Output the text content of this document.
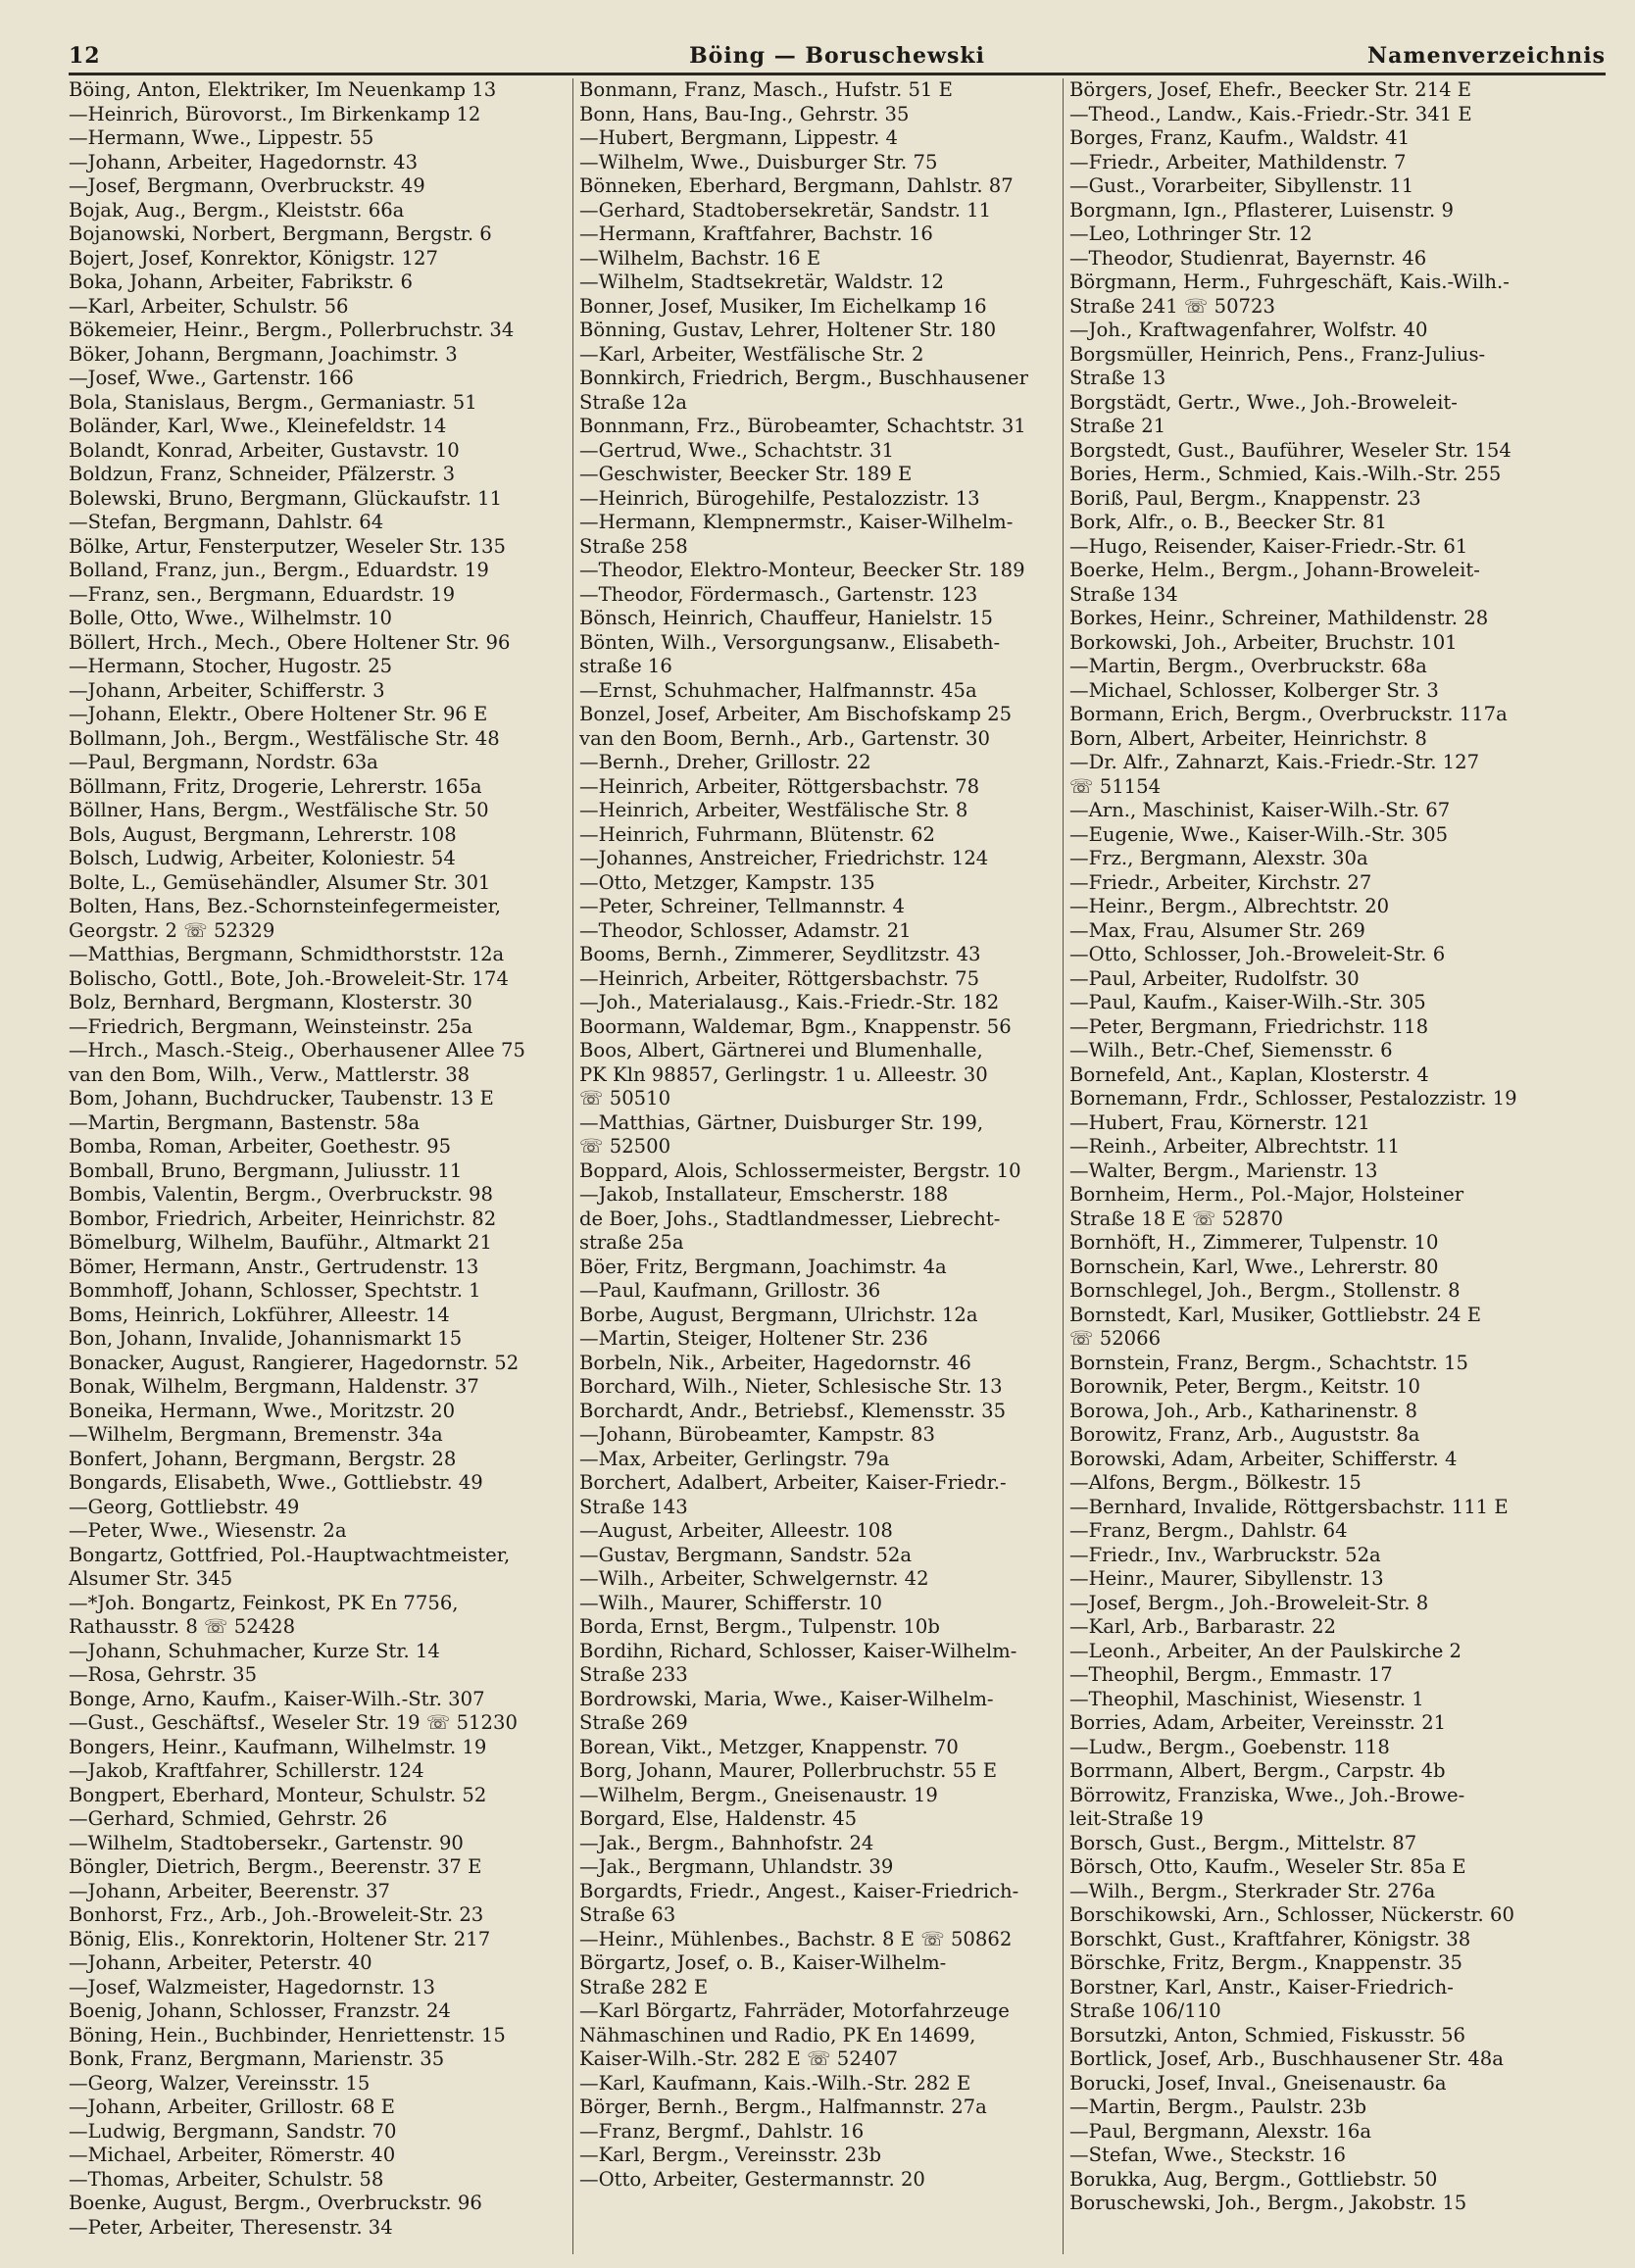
12	Böing — Boruschewski	Namenverzeichnis
Böing, Anton, Elektriker, Im Neuenkamp 13
—Heinrich, Bürovorst., Im Birkenkamp 12
—Hermann, Wwe., Lippestr. 55
—Johann, Arbeiter, Hagedornstr. 43
—Josef, Bergmann, Overbruckstr. 49
Bojak, Aug., Bergm., Kleiststr. 66a
Bojanowski, Norbert, Bergmann, Bergstr. 6
Bojert, Josef, Konrektor, Königstr. 127
Boka, Johann, Arbeiter, Fabrikstr. 6
—Karl, Arbeiter, Schulstr. 56
Bökemeier, Heinr., Bergm., Pollerbruchstr. 34
Böker, Johann, Bergmann, Joachimstr. 3
—Josef, Wwe., Gartenstr. 166
Bola, Stanislaus, Bergm., Germaniastr. 51
Boländer, Karl, Wwe., Kleinefeldstr. 14
Bolandt, Konrad, Arbeiter, Gustavstr. 10
Boldzun, Franz, Schneider, Pfälzerstr. 3
Bolewski, Bruno, Bergmann, Glückaufstr. 11
—Stefan, Bergmann, Dahlstr. 64
Bölke, Artur, Fensterputzer, Weseler Str. 135
Bolland, Franz, jun., Bergm., Eduardstr. 19
—Franz, sen., Bergmann, Eduardstr. 19
Bolle, Otto, Wwe., Wilhelmstr. 10
Böllert, Hrch., Mech., Obere Holtener Str. 96
—Hermann, Stocher, Hugostr. 25
—Johann, Arbeiter, Schifferstr. 3
—Johann, Elektr., Obere Holtener Str. 96 E
Bollmann, Joh., Bergm., Westfälische Str. 48
—Paul, Bergmann, Nordstr. 63a
Böllmann, Fritz, Drogerie, Lehrerstr. 165a
Böllner, Hans, Bergm., Westfälische Str. 50
Bols, August, Bergmann, Lehrerstr. 108
Bolsch, Ludwig, Arbeiter, Koloniestr. 54
Bolte, L., Gemüsehändler, Alsumer Str. 301
Bolten, Hans, Bez.-Schornsteinfegermeister,
Georgstr. 2 ☏ 52329
—Matthias, Bergmann, Schmidthorststr. 12a
Bolischo, Gottl., Bote, Joh.-Broweleit-Str. 174
Bolz, Bernhard, Bergmann, Klosterstr. 30
—Friedrich, Bergmann, Weinsteinstr. 25a
—Hrch., Masch.-Steig., Oberhausener Allee 75
van den Bom, Wilh., Verw., Mattlerstr. 38
Bom, Johann, Buchdrucker, Taubenstr. 13 E
—Martin, Bergmann, Bastenstr. 58a
Bomba, Roman, Arbeiter, Goethestr. 95
Bomball, Bruno, Bergmann, Juliusstr. 11
Bombis, Valentin, Bergm., Overbruckstr. 98
Bombor, Friedrich, Arbeiter, Heinrichstr. 82
Bömelburg, Wilhelm, Bauführ., Altmarkt 21
Bömer, Hermann, Anstr., Gertrudenstr. 13
Bommhoff, Johann, Schlosser, Spechtstr. 1
Boms, Heinrich, Lokführer, Alleestr. 14
Bon, Johann, Invalide, Johannismarkt 15
Bonacker, August, Rangierer, Hagedornstr. 52
Bonak, Wilhelm, Bergmann, Haldenstr. 37
Boneika, Hermann, Wwe., Moritzstr. 20
—Wilhelm, Bergmann, Bremenstr. 34a
Bonfert, Johann, Bergmann, Bergstr. 28
Bongards, Elisabeth, Wwe., Gottliebstr. 49
—Georg, Gottliebstr. 49
—Peter, Wwe., Wiesenstr. 2a
Bongartz, Gottfried, Pol.-Hauptwachtmeister,
Alsumer Str. 345
—*Joh. Bongartz, Feinkost, PK En 7756,
Rathausstr. 8 ☏ 52428
—Johann, Schuhmacher, Kurze Str. 14
—Rosa, Gehrstr. 35
Bonge, Arno, Kaufm., Kaiser-Wilh.-Str. 307
—Gust., Geschäftsf., Weseler Str. 19 ☏ 51230
Bongers, Heinr., Kaufmann, Wilhelmstr. 19
—Jakob, Kraftfahrer, Schillerstr. 124
Bongpert, Eberhard, Monteur, Schulstr. 52
—Gerhard, Schmied, Gehrstr. 26
—Wilhelm, Stadtobersekr., Gartenstr. 90
Böngler, Dietrich, Bergm., Beerenstr. 37 E
—Johann, Arbeiter, Beerenstr. 37
Bonhorst, Frz., Arb., Joh.-Broweleit-Str. 23
Bönig, Elis., Konrektorin, Holtener Str. 217
—Johann, Arbeiter, Peterstr. 40
—Josef, Walzmeister, Hagedornstr. 13
Boenig, Johann, Schlosser, Franzstr. 24
Böning, Hein., Buchbinder, Henriettenstr. 15
Bonk, Franz, Bergmann, Marienstr. 35
—Georg, Walzer, Vereinsstr. 15
—Johann, Arbeiter, Grillostr. 68 E
—Ludwig, Bergmann, Sandstr. 70
—Michael, Arbeiter, Römerstr. 40
—Thomas, Arbeiter, Schulstr. 58
Boenke, August, Bergm., Overbruckstr. 96
—Peter, Arbeiter, Theresenstr. 34
Bonmann, Franz, Masch., Hufstr. 51 E
Bonn, Hans, Bau-Ing., Gehrstr. 35
—Hubert, Bergmann, Lippestr. 4
—Wilhelm, Wwe., Duisburger Str. 75
Bönneken, Eberhard, Bergmann, Dahlstr. 87
—Gerhard, Stadtobersekretär, Sandstr. 11
—Hermann, Kraftfahrer, Bachstr. 16
—Wilhelm, Bachstr. 16 E
—Wilhelm, Stadtsekretär, Waldstr. 12
Bonner, Josef, Musiker, Im Eichelkamp 16
Bönning, Gustav, Lehrer, Holtener Str. 180
—Karl, Arbeiter, Westfälische Str. 2
Bonnkirch, Friedrich, Bergm., Buschhausener
Straße 12a
Bonnmann, Frz., Bürobeamter, Schachtstr. 31
—Gertrud, Wwe., Schachtstr. 31
—Geschwister, Beecker Str. 189 E
—Heinrich, Bürogehilfe, Pestalozzistr. 13
—Hermann, Klempnermstr., Kaiser-Wilhelm-
Straße 258
—Theodor, Elektro-Monteur, Beecker Str. 189
—Theodor, Fördermasch., Gartenstr. 123
Bönsch, Heinrich, Chauffeur, Hanielstr. 15
Bönten, Wilh., Versorgungsanw., Elisabeth-
straße 16
—Ernst, Schuhmacher, Halfmannstr. 45a
Bonzel, Josef, Arbeiter, Am Bischofskamp 25
van den Boom, Bernh., Arb., Gartenstr. 30
—Bernh., Dreher, Grillostr. 22
—Heinrich, Arbeiter, Röttgersbachstr. 78
—Heinrich, Arbeiter, Westfälische Str. 8
—Heinrich, Fuhrmann, Blütenstr. 62
—Johannes, Anstreicher, Friedrichstr. 124
—Otto, Metzger, Kampstr. 135
—Peter, Schreiner, Tellmannstr. 4
—Theodor, Schlosser, Adamstr. 21
Booms, Bernh., Zimmerer, Seydlitzstr. 43
—Heinrich, Arbeiter, Röttgersbachstr. 75
—Joh., Materialausg., Kais.-Friedr.-Str. 182
Boormann, Waldemar, Bgm., Knappenstr. 56
Boos, Albert, Gärtnerei und Blumenhalle,
PK Kln 98857, Gerlingstr. 1 u. Alleestr. 30
☏ 50510
—Matthias, Gärtner, Duisburger Str. 199,
☏ 52500
Boppard, Alois, Schlossermeister, Bergstr. 10
—Jakob, Installateur, Emscherstr. 188
de Boer, Johs., Stadtlandmesser, Liebrecht-
straße 25a
Böer, Fritz, Bergmann, Joachimstr. 4a
—Paul, Kaufmann, Grillostr. 36
Borbe, August, Bergmann, Ulrichstr. 12a
—Martin, Steiger, Holtener Str. 236
Borbeln, Nik., Arbeiter, Hagedornstr. 46
Borchard, Wilh., Nieter, Schlesische Str. 13
Borchardt, Andr., Betriebsf., Klemensstr. 35
—Johann, Bürobeamter, Kampstr. 83
—Max, Arbeiter, Gerlingstr. 79a
Borchert, Adalbert, Arbeiter, Kaiser-Friedr.-
Straße 143
—August, Arbeiter, Alleestr. 108
—Gustav, Bergmann, Sandstr. 52a
—Wilh., Arbeiter, Schwelgernstr. 42
—Wilh., Maurer, Schifferstr. 10
Borda, Ernst, Bergm., Tulpenstr. 10b
Bordihn, Richard, Schlosser, Kaiser-Wilhelm-
Straße 233
Bordrowski, Maria, Wwe., Kaiser-Wilhelm-
Straße 269
Borean, Vikt., Metzger, Knappenstr. 70
Borg, Johann, Maurer, Pollerbruchstr. 55 E
—Wilhelm, Bergm., Gneisenaustr. 19
Borgard, Else, Haldenstr. 45
—Jak., Bergm., Bahnhofstr. 24
—Jak., Bergmann, Uhlandstr. 39
Borgardts, Friedr., Angest., Kaiser-Friedrich-
Straße 63
—Heinr., Mühlenbes., Bachstr. 8 E ☏ 50862
Börgartz, Josef, o. B., Kaiser-Wilhelm-
Straße 282 E
—Karl Börgartz, Fahrräder, Motorfahrzeuge
Nähmaschinen und Radio, PK En 14699,
Kaiser-Wilh.-Str. 282 E ☏ 52407
—Karl, Kaufmann, Kais.-Wilh.-Str. 282 E
Börger, Bernh., Bergm., Halfmannstr. 27a
—Franz, Bergmf., Dahlstr. 16
—Karl, Bergm., Vereinsstr. 23b
—Otto, Arbeiter, Gestermannstr. 20
Börgers, Josef, Ehefr., Beecker Str. 214 E
—Theod., Landw., Kais.-Friedr.-Str. 341 E
Borges, Franz, Kaufm., Waldstr. 41
—Friedr., Arbeiter, Mathildenstr. 7
—Gust., Vorarbeiter, Sibyllenstr. 11
Borgmann, Ign., Pflasterer, Luisenstr. 9
—Leo, Lothringer Str. 12
—Theodor, Studienrat, Bayernstr. 46
Börgmann, Herm., Fuhrgeschäft, Kais.-Wilh.-
Straße 241 ☏ 50723
—Joh., Kraftwagenfahrer, Wolfstr. 40
Borgsmüller, Heinrich, Pens., Franz-Julius-
Straße 13
Borgstädt, Gertr., Wwe., Joh.-Broweleit-
Straße 21
Borgstedt, Gust., Bauführer, Weseler Str. 154
Bories, Herm., Schmied, Kais.-Wilh.-Str. 255
Boriß, Paul, Bergm., Knappenstr. 23
Bork, Alfr., o. B., Beecker Str. 81
—Hugo, Reisender, Kaiser-Friedr.-Str. 61
Boerke, Helm., Bergm., Johann-Broweleit-
Straße 134
Borkes, Heinr., Schreiner, Mathildenstr. 28
Borkowski, Joh., Arbeiter, Bruchstr. 101
—Martin, Bergm., Overbruckstr. 68a
—Michael, Schlosser, Kolberger Str. 3
Bormann, Erich, Bergm., Overbruckstr. 117a
Born, Albert, Arbeiter, Heinrichstr. 8
—Dr. Alfr., Zahnarzt, Kais.-Friedr.-Str. 127
☏ 51154
—Arn., Maschinist, Kaiser-Wilh.-Str. 67
—Eugenie, Wwe., Kaiser-Wilh.-Str. 305
—Frz., Bergmann, Alexstr. 30a
—Friedr., Arbeiter, Kirchstr. 27
—Heinr., Bergm., Albrechtstr. 20
—Max, Frau, Alsumer Str. 269
—Otto, Schlosser, Joh.-Broweleit-Str. 6
—Paul, Arbeiter, Rudolfstr. 30
—Paul, Kaufm., Kaiser-Wilh.-Str. 305
—Peter, Bergmann, Friedrichstr. 118
—Wilh., Betr.-Chef, Siemensstr. 6
Bornefeld, Ant., Kaplan, Klosterstr. 4
Bornemann, Frdr., Schlosser, Pestalozzistr. 19
—Hubert, Frau, Körnerstr. 121
—Reinh., Arbeiter, Albrechtstr. 11
—Walter, Bergm., Marienstr. 13
Bornheim, Herm., Pol.-Major, Holsteiner
Straße 18 E ☏ 52870
Bornhöft, H., Zimmerer, Tulpenstr. 10
Bornschein, Karl, Wwe., Lehrerstr. 80
Bornschlegel, Joh., Bergm., Stollenstr. 8
Bornstedt, Karl, Musiker, Gottliebstr. 24 E
☏ 52066
Bornstein, Franz, Bergm., Schachtstr. 15
Borownik, Peter, Bergm., Keitstr. 10
Borowa, Joh., Arb., Katharinenstr. 8
Borowitz, Franz, Arb., Auguststr. 8a
Borowski, Adam, Arbeiter, Schifferstr. 4
—Alfons, Bergm., Bölkestr. 15
—Bernhard, Invalide, Röttgersbachstr. 111 E
—Franz, Bergm., Dahlstr. 64
—Friedr., Inv., Warbruckstr. 52a
—Heinr., Maurer, Sibyllenstr. 13
—Josef, Bergm., Joh.-Broweleit-Str. 8
—Karl, Arb., Barbarastr. 22
—Leonh., Arbeiter, An der Paulskirche 2
—Theophil, Bergm., Emmastr. 17
—Theophil, Maschinist, Wiesenstr. 1
Borries, Adam, Arbeiter, Vereinsstr. 21
—Ludw., Bergm., Goebenstr. 118
Borrmann, Albert, Bergm., Carpstr. 4b
Börrowitz, Franziska, Wwe., Joh.-Browe-
leit-Straße 19
Borsch, Gust., Bergm., Mittelstr. 87
Börsch, Otto, Kaufm., Weseler Str. 85a E
—Wilh., Bergm., Sterkrader Str. 276a
Borschikowski, Arn., Schlosser, Nückerstr. 60
Borschkt, Gust., Kraftfahrer, Königstr. 38
Börschke, Fritz, Bergm., Knappenstr. 35
Borstner, Karl, Anstr., Kaiser-Friedrich-
Straße 106/110
Borsutzki, Anton, Schmied, Fiskusstr. 56
Bortlick, Josef, Arb., Buschhausener Str. 48a
Borucki, Josef, Inval., Gneisenaustr. 6a
—Martin, Bergm., Paulstr. 23b
—Paul, Bergmann, Alexstr. 16a
—Stefan, Wwe., Steckstr. 16
Borukka, Aug, Bergm., Gottliebstr. 50
Boruschewski, Joh., Bergm., Jakobstr. 15
